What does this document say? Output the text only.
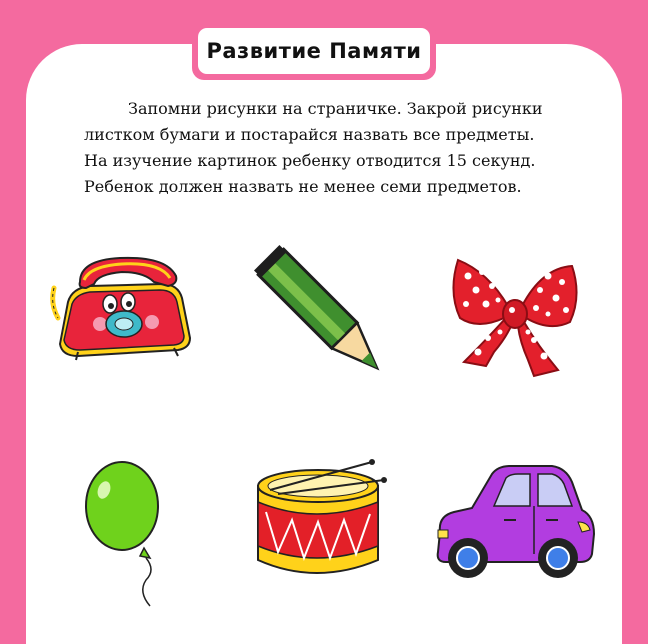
Развитие Памяти
Запомни рисунки на страничке. Закрой рисунки
листком бумаги и постарайся назвать все предметы.
На изучение картинок ребенку отводится 15 секунд.
Ребенок должен назвать не менее семи предметов.
